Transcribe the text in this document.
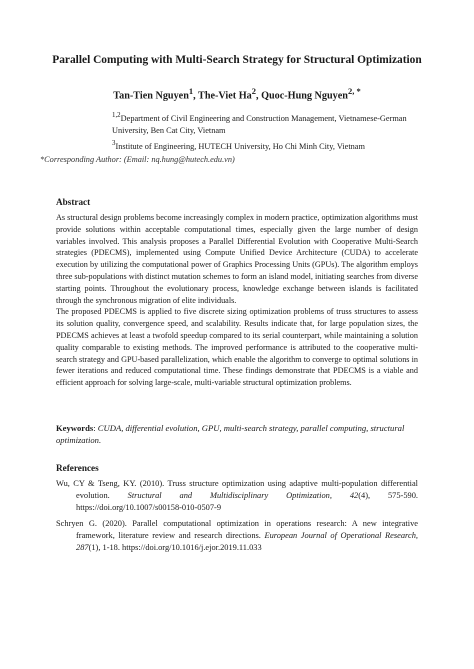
Parallel Computing with Multi-Search Strategy for Structural Optimization
Tan-Tien Nguyen$^1$, The-Viet Ha$^2$, Quoc-Hung Nguyen$^{2, *}$
$^{1,2}$Department of Civil Engineering and Construction Management, Vietnamese-German University, Ben Cat City, Vietnam
$^3$Institute of Engineering, HUTECH University, Ho Chi Minh City, Vietnam
*Corresponding Author: (Email: nq.hung@hutech.edu.vn)
Abstract

As structural design problems become increasingly complex in modern practice, optimization algorithms must provide solutions within acceptable computational times, especially given the large number of design variables involved. This analysis proposes a Parallel Differential Evolution with Cooperative Multi-Search strategies (PDECMS), implemented using Compute Unified Device Architecture (CUDA) to accelerate execution by utilizing the computational power of Graphics Processing Units (GPUs). The algorithm employs three sub-populations with distinct mutation schemes to form an island model, initiating searches from diverse starting points. Throughout the evolutionary process, knowledge exchange between islands is facilitated through the synchronous migration of elite individuals.

The proposed PDECMS is applied to five discrete sizing optimization problems of truss structures to assess its solution quality, convergence speed, and scalability. Results indicate that, for large population sizes, the PDECMS achieves at least a twofold speedup compared to its serial counterpart, while maintaining a solution quality comparable to existing methods. The improved performance is attributed to the cooperative multi-search strategy and GPU-based parallelization, which enable the algorithm to converge to optimal solutions in fewer iterations and reduced computational time. These findings demonstrate that PDECMS is a viable and efficient approach for solving large-scale, multi-variable structural optimization problems.

Keywords: CUDA, differential evolution, GPU, multi-search strategy, parallel computing, structural optimization.
References

Wu, CY & Tseng, KY. (2010). Truss structure optimization using adaptive multi-population differential evolution. Structural and Multidisciplinary Optimization, 42(4), 575-590. https://doi.org/10.1007/s00158-010-0507-9

Schryen G. (2020). Parallel computational optimization in operations research: A new integrative framework, literature review and research directions. European Journal of Operational Research, 287(1), 1-18. https://doi.org/10.1016/j.ejor.2019.11.033
